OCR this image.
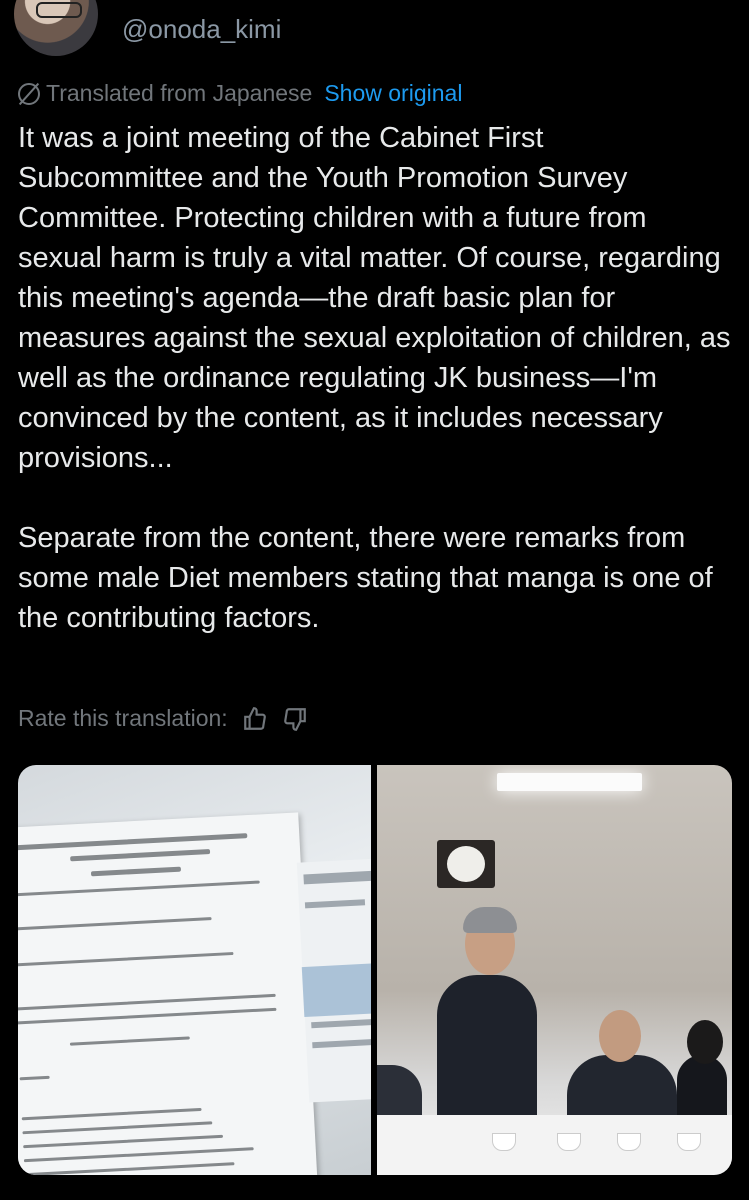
@onoda_kimi
Translated from Japanese Show original

It was a joint meeting of the Cabinet First Subcommittee and the Youth Promotion Survey Committee. Protecting children with a future from sexual harm is truly a vital matter. Of course, regarding this meeting's agenda—the draft basic plan for measures against the sexual exploitation of children, as well as the ordinance regulating JK business—I'm convinced by the content, as it includes necessary provisions...

Separate from the content, there were remarks from some male Diet members stating that manga is one of the contributing factors.

Rate this translation:
